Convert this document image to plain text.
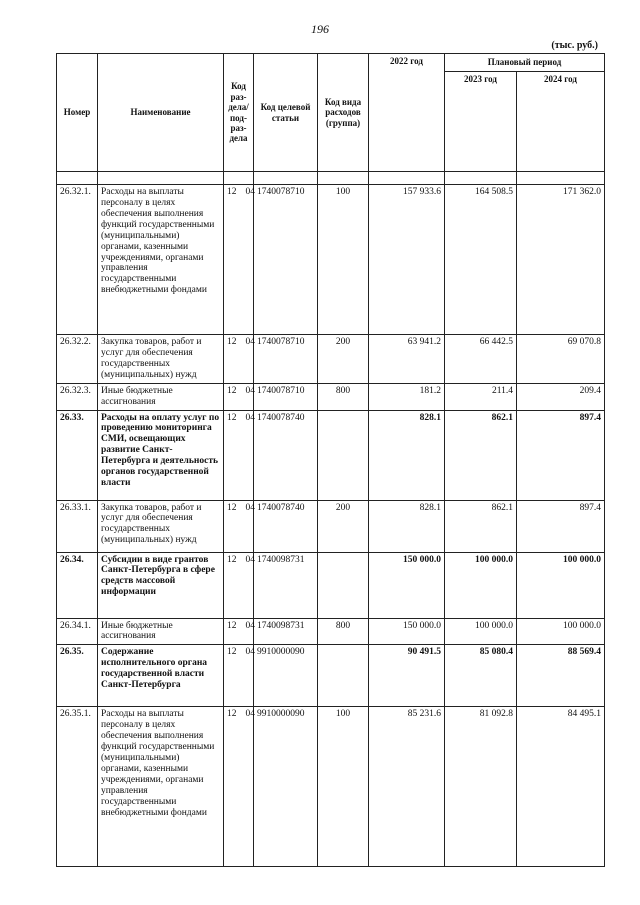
196
(тыс. руб.)
Номер	Наименование	Код раз-дела/ под-раз-дела	Код целевой статьи	Код вида расходов (группа)	2022 год	Плановый период	
						2023 год	2024 год

26.32.1.	Расходы на выплаты персоналу в целях обеспечения выполнения функций государственными (муниципальными) органами, казенными учреждениями, органами управления государственными внебюджетными фондами	12 04	1740078710	100	157 933.6	164 508.5	171 362.0
26.32.2.	Закупка товаров, работ и услуг для обеспечения государственных (муниципальных) нужд	12 04	1740078710	200	63 941.2	66 442.5	69 070.8
26.32.3.	Иные бюджетные ассигнования	12 04	1740078710	800	181.2	211.4	209.4
26.33.	Расходы на оплату услуг по проведению мониторинга СМИ, освещающих развитие Санкт-Петербурга и деятельность органов государственной власти	12 04	1740078740		828.1	862.1	897.4
26.33.1.	Закупка товаров, работ и услуг для обеспечения государственных (муниципальных) нужд	12 04	1740078740	200	828.1	862.1	897.4
26.34.	Субсидии в виде грантов Санкт-Петербурга в сфере средств массовой информации	12 04	1740098731		150 000.0	100 000.0	100 000.0
26.34.1.	Иные бюджетные ассигнования	12 04	1740098731	800	150 000.0	100 000.0	100 000.0
26.35.	Содержание исполнительного органа государственной власти Санкт-Петербурга	12 04	9910000090		90 491.5	85 080.4	88 569.4
26.35.1.	Расходы на выплаты персоналу в целях обеспечения выполнения функций государственными (муниципальными) органами, казенными учреждениями, органами управления государственными внебюджетными фондами	12 04	9910000090	100	85 231.6	81 092.8	84 495.1
